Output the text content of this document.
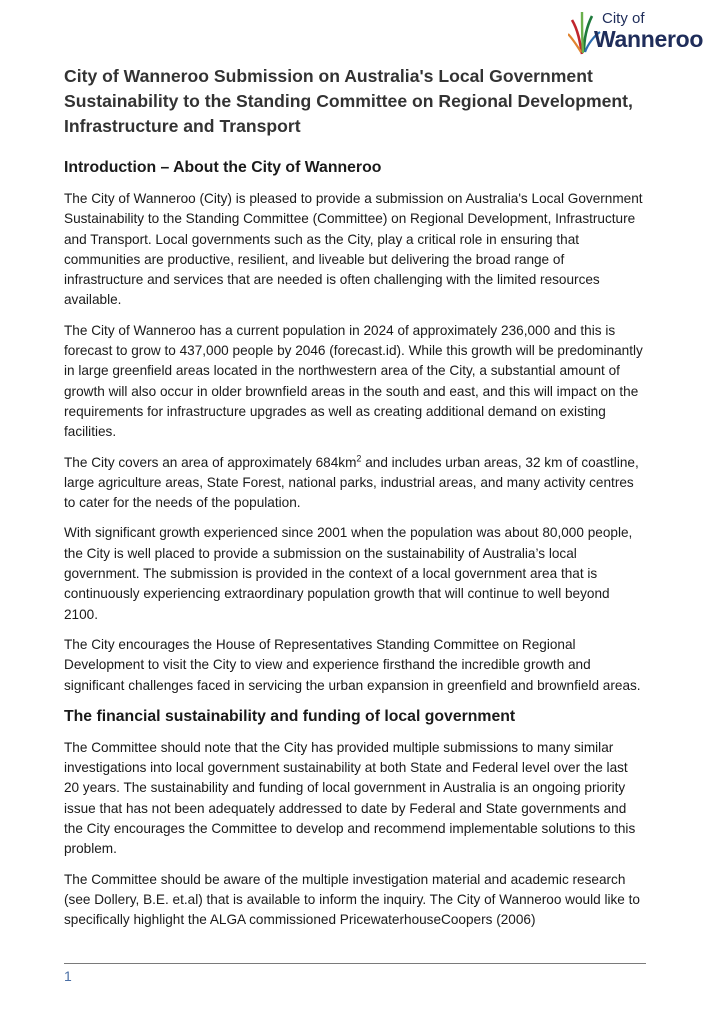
City of
Wanneroo
City of Wanneroo Submission on Australia's Local Government Sustainability to the Standing Committee on Regional Development, Infrastructure and Transport
Introduction – About the City of Wanneroo

The City of Wanneroo (City) is pleased to provide a submission on Australia's Local Government Sustainability to the Standing Committee (Committee) on Regional Development, Infrastructure and Transport. Local governments such as the City, play a critical role in ensuring that communities are productive, resilient, and liveable but delivering the broad range of infrastructure and services that are needed is often challenging with the limited resources available.

The City of Wanneroo has a current population in 2024 of approximately 236,000 and this is forecast to grow to 437,000 people by 2046 (forecast.id). While this growth will be predominantly in large greenfield areas located in the northwestern area of the City, a substantial amount of growth will also occur in older brownfield areas in the south and east, and this will impact on the requirements for infrastructure upgrades as well as creating additional demand on existing facilities.

The City covers an area of approximately $684km^2$ and includes urban areas, 32 km of coastline, large agriculture areas, State Forest, national parks, industrial areas, and many activity centres to cater for the needs of the population.

With significant growth experienced since 2001 when the population was about 80,000 people, the City is well placed to provide a submission on the sustainability of Australia’s local government. The submission is provided in the context of a local government area that is continuously experiencing extraordinary population growth that will continue to well beyond 2100.

The City encourages the House of Representatives Standing Committee on Regional Development to visit the City to view and experience firsthand the incredible growth and significant challenges faced in servicing the urban expansion in greenfield and brownfield areas.

The financial sustainability and funding of local government

The Committee should note that the City has provided multiple submissions to many similar investigations into local government sustainability at both State and Federal level over the last 20 years. The sustainability and funding of local government in Australia is an ongoing priority issue that has not been adequately addressed to date by Federal and State governments and the City encourages the Committee to develop and recommend implementable solutions to this problem.

The Committee should be aware of the multiple investigation material and academic research (see Dollery, B.E. et.al) that is available to inform the inquiry. The City of Wanneroo would like to specifically highlight the ALGA commissioned PricewaterhouseCoopers (2006)

1
